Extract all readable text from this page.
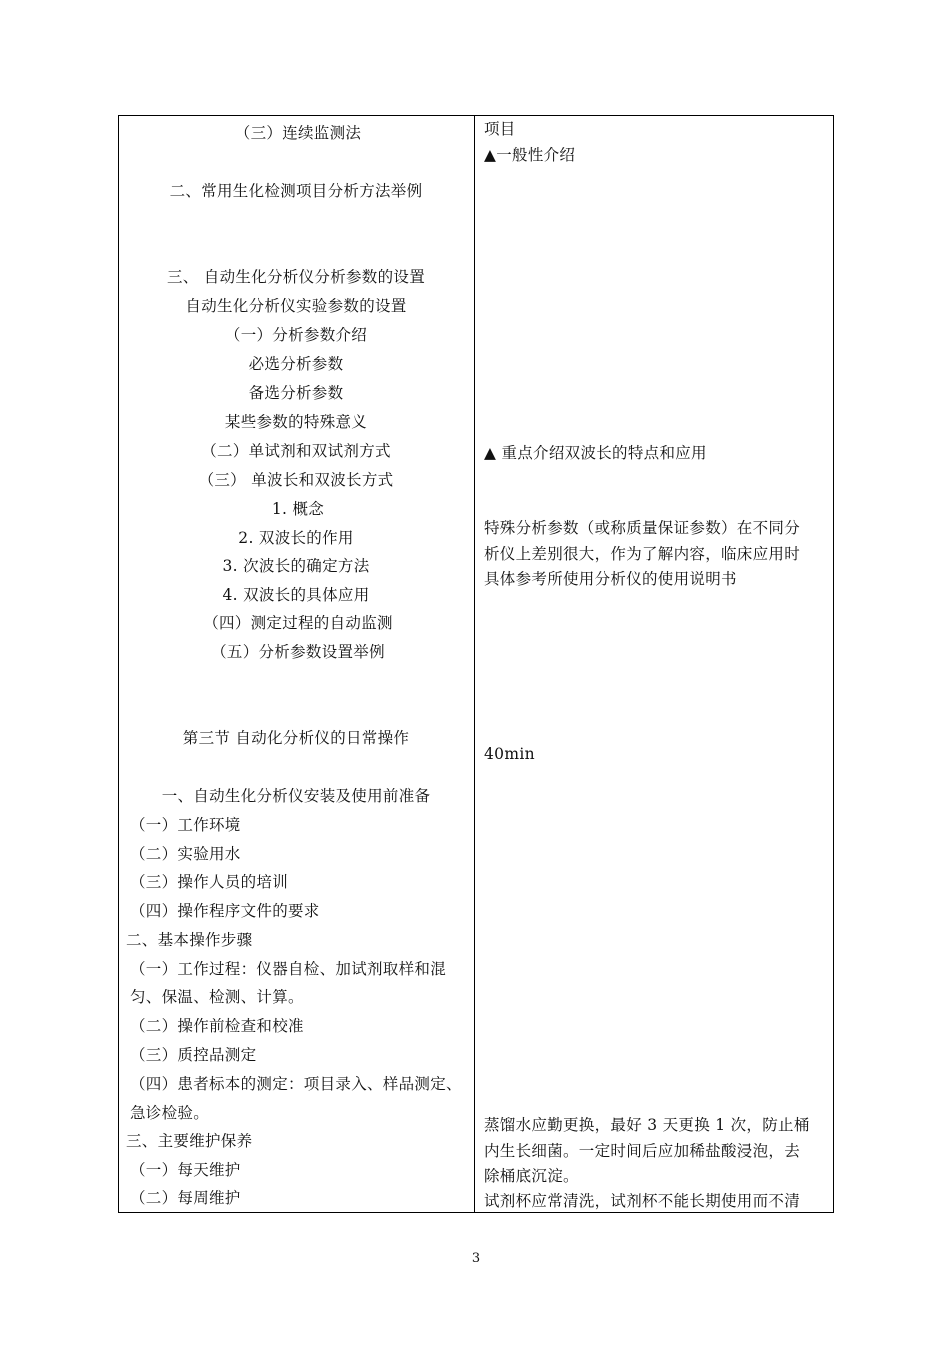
（三）连续监测法
二、常用生化检测项目分析方法举例
三、 自动生化分析仪分析参数的设置
自动生化分析仪实验参数的设置
（一）分析参数介绍
必选分析参数
备选分析参数
某些参数的特殊意义
（二）单试剂和双试剂方式
（三） 单波长和双波长方式
1. 概念
2. 双波长的作用
3. 次波长的确定方法
4. 双波长的具体应用
（四）测定过程的自动监测
（五）分析参数设置举例
第三节 自动化分析仪的日常操作
一、自动生化分析仪安装及使用前准备
（一）工作环境
（二）实验用水
（三）操作人员的培训
（四）操作程序文件的要求
二、基本操作步骤
（一）工作过程：仪器自检、加试剂取样和混
匀、保温、检测、计算。
（二）操作前检查和校准
（三）质控品测定
（四）患者标本的测定：项目录入、样品测定、
急诊检验。
三、主要维护保养
（一）每天维护
（二）每周维护
项目
▲一般性介绍
▲ 重点介绍双波长的特点和应用
特殊分析参数（或称质量保证参数）在不同分
析仪上差别很大，作为了解内容，临床应用时
具体参考所使用分析仪的使用说明书
40min
蒸馏水应勤更换，最好 3 天更换 1 次，防止桶
内生长细菌。一定时间后应加稀盐酸浸泡，去
除桶底沉淀。
试剂杯应常清洗，试剂杯不能长期使用而不清
3
